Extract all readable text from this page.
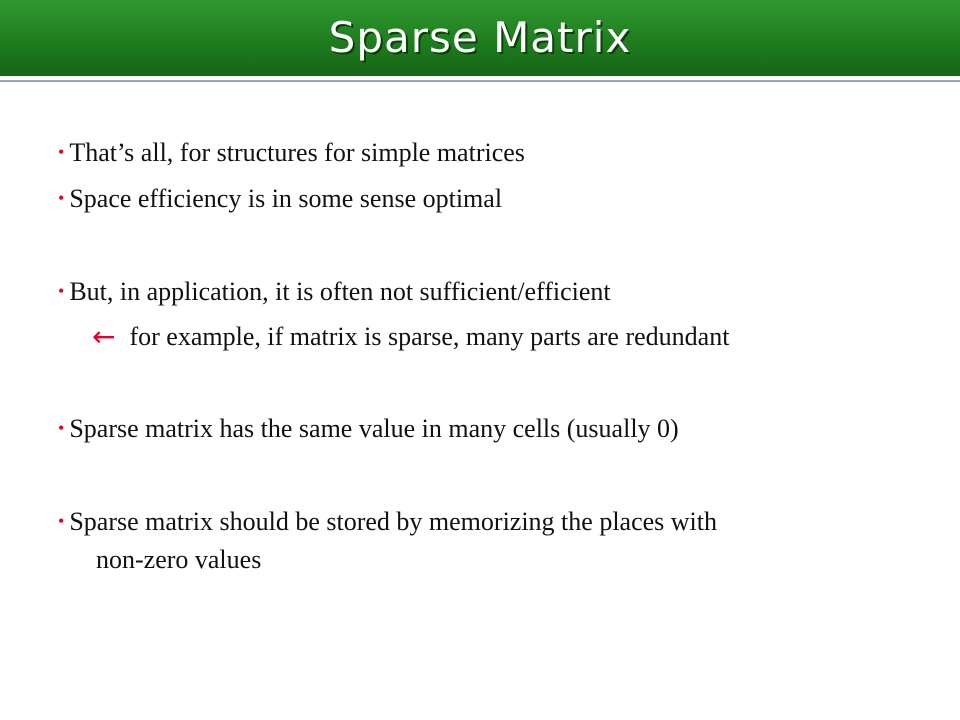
Sparse Matrix
• That’s all, for structures for simple matrices
• Space efficiency is in some sense optimal
• But, in application, it is often not sufficient/efficient
← for example, if matrix is sparse, many parts are redundant
• Sparse matrix has the same value in many cells (usually 0)
• Sparse matrix should be stored by memorizing the places with
non-zero values
